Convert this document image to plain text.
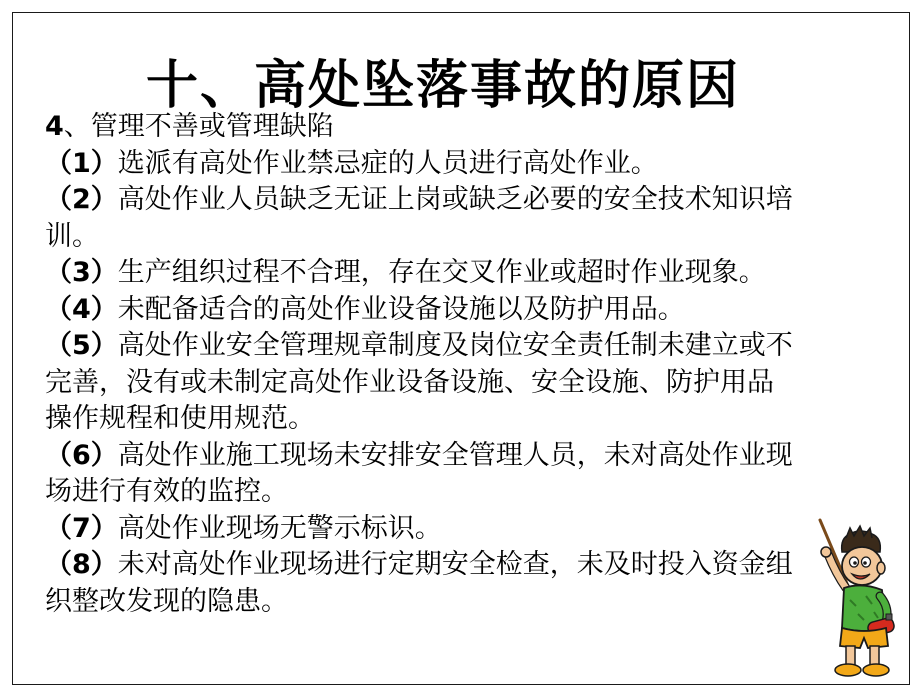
十、高处坠落事故的原因
4、管理不善或管理缺陷
（1）选派有高处作业禁忌症的人员进行高处作业。
（2）高处作业人员缺乏无证上岗或缺乏必要的安全技术知识培
训。
（3）生产组织过程不合理，存在交叉作业或超时作业现象。
（4）未配备适合的高处作业设备设施以及防护用品。
（5）高处作业安全管理规章制度及岗位安全责任制未建立或不
完善，没有或未制定高处作业设备设施、安全设施、防护用品
操作规程和使用规范。
（6）高处作业施工现场未安排安全管理人员，未对高处作业现
场进行有效的监控。
（7）高处作业现场无警示标识。
（8）未对高处作业现场进行定期安全检查，未及时投入资金组
织整改发现的隐患。
